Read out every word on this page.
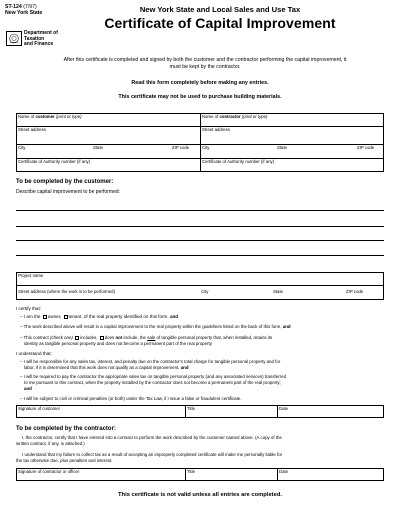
ST-124 (7/97)
New York State
Department of
Taxation
and Finance
New York State and Local Sales and Use Tax
Certificate of Capital Improvement
After this certificate is completed and signed by both the customer and the contractor performing the capital improvement, it must be kept by the contractor.
Read this form completely before making any entries.
This certificate may not be used to purchase building materials.
Name of customer (print or type)	Name of contractor (print or type)
Street address	Street address
City	State	ZIP code	City	State	ZIP code
Certificate of Authority number (if any)	Certificate of Authority number (if any)
To be completed by the customer:
Describe capital improvement to be performed:
Project name
Street address (where the work is to be performed)	City	State	ZIP code
I certify that:
– I am the owner, tenant, of the real property identified on this form, and
– The work described above will result in a capital improvement to the real property within the guidelines listed on the back of this form, and
– This contract (check one) includes, does not include, the sale of tangible personal property that, when installed, retains its
identity as tangible personal property and does not become a permanent part of the real property
I understand that:
– I will be responsible for any sales tax, interest, and penalty due on the contractor's total charge for tangible personal property and for
labor, if it is determined that this work does not qualify as a capital improvement, and
– I will be required to pay the contractor the appropriate sales tax on tangible personal property (and any associated services) transferred
to me pursuant to this contract, when the property installed by the contractor does not become a permanent part of the real property;
and
– I will be subject to civil or criminal penalties (or both) under the Tax Law, if I issue a false or fraudulent certificate.
Signature of customer	Title	Date
To be completed by the contractor:
I, the contractor, certify that I have entered into a contract to perform the work described by the customer named above. (A copy of the
written contract, if any, is attached.)
I understand that my failure to collect tax as a result of accepting an improperly completed certificate will make me personally liable for
the tax otherwise due, plus penalties and interest.
Signature of contractor or officer	Title	Date
This certificate is not valid unless all entries are completed.
